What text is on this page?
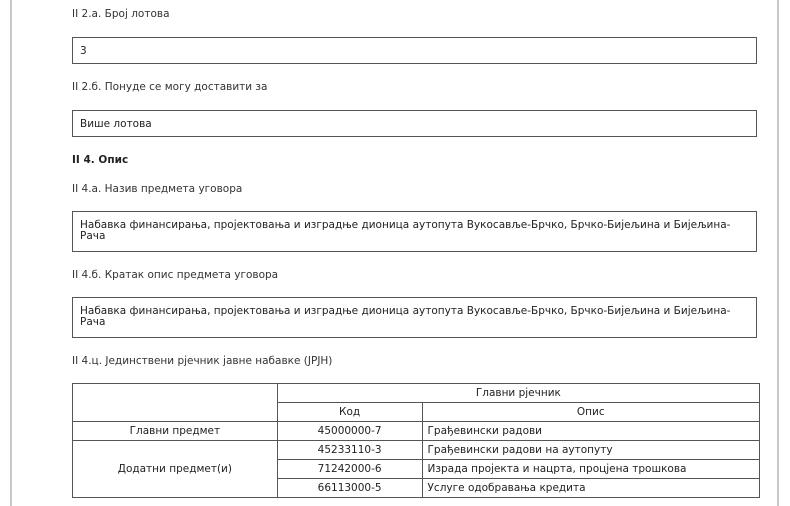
II 2.а. Број лотова
3
II 2.б. Понуде се могу доставити за
Више лотова
II 4. Опис
II 4.а. Назив предмета уговора
Набавка финансирања, пројектовања и изградње дионица аутопута Вукосавље-Брчко, Брчко-Бијељина и Бијељина-
Рача
II 4.б. Кратак опис предмета уговора
Набавка финансирања, пројектовања и изградње дионица аутопута Вукосавље-Брчко, Брчко-Бијељина и Бијељина-
Рача
II 4.ц. Јединствени рјечник јавне набавке (JPJH)
	Главни рјечник	
	Код	Опис
Главни предмет	45000000-7	Грађевински радови
Додатни предмет(и)	45233110-3	Грађевински радови на аутопуту
	71242000-6	Израда пројекта и нацрта, процјена трошкова
	66113000-5	Услуге одобравања кредита
